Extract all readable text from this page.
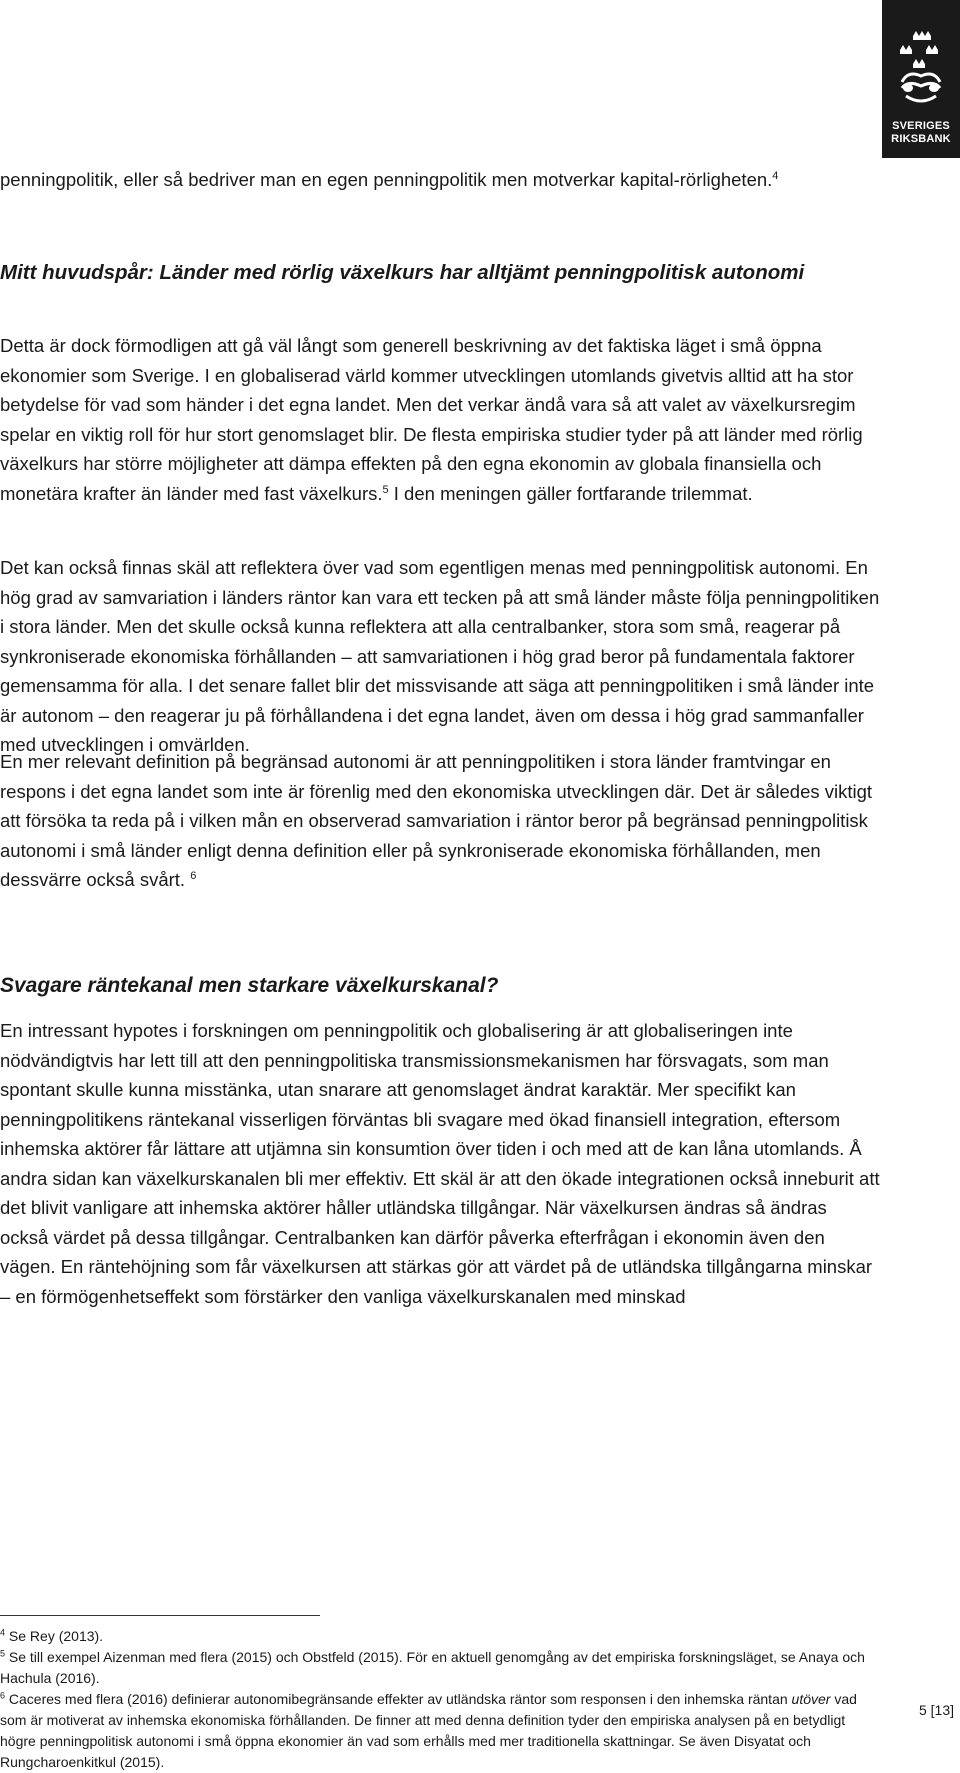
SVERIGES
RIKSBANK

penningpolitik, eller så bedriver man en egen penningpolitik men motverkar kapital-rörligheten.$^4$

Mitt huvudspår: Länder med rörlig växelkurs har alltjämt penningpolitisk autonomi

Detta är dock förmodligen att gå väl långt som generell beskrivning av det faktiska läget i små öppna ekonomier som Sverige. I en globaliserad värld kommer utvecklingen utomlands givetvis alltid att ha stor betydelse för vad som händer i det egna landet. Men det verkar ändå vara så att valet av växelkursregim spelar en viktig roll för hur stort genomslaget blir. De flesta empiriska studier tyder på att länder med rörlig växelkurs har större möjligheter att dämpa effekten på den egna ekonomin av globala finansiella och monetära krafter än länder med fast växelkurs.$^5$ I den meningen gäller fortfarande trilemmat.

Det kan också finnas skäl att reflektera över vad som egentligen menas med penningpolitisk autonomi. En hög grad av samvariation i länders räntor kan vara ett tecken på att små länder måste följa penningpolitiken i stora länder. Men det skulle också kunna reflektera att alla centralbanker, stora som små, reagerar på synkroniserade ekonomiska förhållanden – att samvariationen i hög grad beror på fundamentala faktorer gemensamma för alla. I det senare fallet blir det missvisande att säga att penningpolitiken i små länder inte är autonom – den reagerar ju på förhållandena i det egna landet, även om dessa i hög grad sammanfaller med utvecklingen i omvärlden.

En mer relevant definition på begränsad autonomi är att penningpolitiken i stora länder framtvingar en respons i det egna landet som inte är förenlig med den ekonomiska utvecklingen där. Det är således viktigt att försöka ta reda på i vilken mån en observerad samvariation i räntor beror på begränsad penningpolitisk autonomi i små länder enligt denna definition eller på synkroniserade ekonomiska förhållanden, men dessvärre också svårt. $^6$

Svagare räntekanal men starkare växelkurskanal?

En intressant hypotes i forskningen om penningpolitik och globalisering är att globaliseringen inte nödvändigtvis har lett till att den penningpolitiska transmissionsmekanismen har försvagats, som man spontant skulle kunna misstänka, utan snarare att genomslaget ändrat karaktär. Mer specifikt kan penningpolitikens räntekanal visserligen förväntas bli svagare med ökad finansiell integration, eftersom inhemska aktörer får lättare att utjämna sin konsumtion över tiden i och med att de kan låna utomlands. Å andra sidan kan växelkurskanalen bli mer effektiv. Ett skäl är att den ökade integrationen också inneburit att det blivit vanligare att inhemska aktörer håller utländska tillgångar. När växelkursen ändras så ändras också värdet på dessa tillgångar. Centralbanken kan därför påverka efterfrågan i ekonomin även den vägen. En räntehöjning som får växelkursen att stärkas gör att värdet på de utländska tillgångarna minskar – en förmögenhetseffekt som förstärker den vanliga växelkurskanalen med minskad

$^4$ Se Rey (2013).

$^5$ Se till exempel Aizenman med flera (2015) och Obstfeld (2015). För en aktuell genomgång av det empiriska forskningsläget, se Anaya och Hachula (2016).

$^6$ Caceres med flera (2016) definierar autonomibegränsande effekter av utländska räntor som responsen i den inhemska räntan utöver vad som är motiverat av inhemska ekonomiska förhållanden. De finner att med denna definition tyder den empiriska analysen på en betydligt högre penningpolitisk autonomi i små öppna ekonomier än vad som erhålls med mer traditionella skattningar. Se även Disyatat och Rungcharoenkitkul (2015).

5 [13]
